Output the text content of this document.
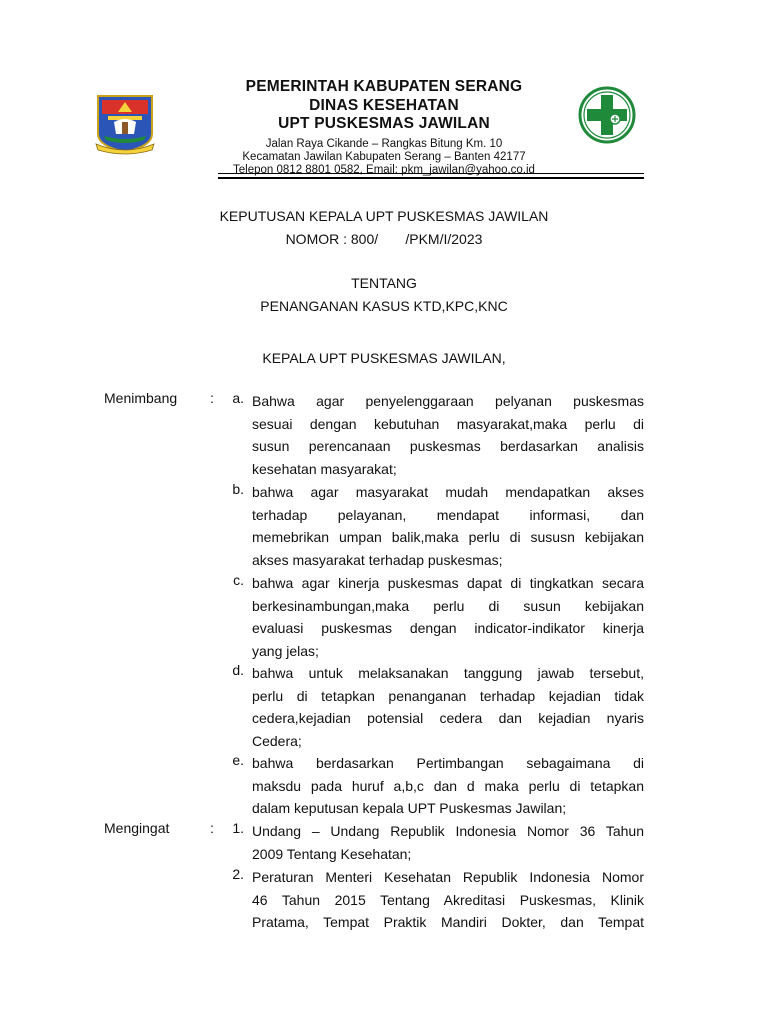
PEMERINTAH KABUPATEN SERANG
DINAS KESEHATAN
UPT PUSKESMAS JAWILAN
Jalan Raya Cikande – Rangkas Bitung Km. 10
Kecamatan Jawilan Kabupaten Serang – Banten 42177
Telepon 0812 8801 0582, Email: pkm_jawilan@yahoo.co.id
KEPUTUSAN KEPALA UPT PUSKESMAS JAWILAN
NOMOR : 800/       /PKM/I/2023
TENTANG
PENANGANAN KASUS KTD,KPC,KNC
KEPALA UPT PUSKESMAS JAWILAN,
Menimbang :	a. Bahwa agar penyelenggaraan pelyanan puskesmas
sesuai dengan kebutuhan masyarakat,maka perlu di
susun perencanaan puskesmas berdasarkan analisis
kesehatan masyarakat;
b. bahwa agar masyarakat mudah mendapatkan akses
terhadap pelayanan, mendapat informasi, dan
memebrikan umpan balik,maka perlu di sususn kebijakan
akses masyarakat terhadap puskesmas;
c. bahwa agar kinerja puskesmas dapat di tingkatkan secara
berkesinambungan,maka perlu di susun kebijakan
evaluasi puskesmas dengan indicator-indikator kinerja
yang jelas;
d. bahwa untuk melaksanakan tanggung jawab tersebut,
perlu di tetapkan penanganan terhadap kejadian tidak
cedera,kejadian potensial cedera dan kejadian nyaris
Cedera;
e. bahwa berdasarkan Pertimbangan sebagaimana di
maksdu pada huruf a,b,c dan d maka perlu di tetapkan
dalam keputusan kepala UPT Puskesmas Jawilan;
Mengingat	:	1. Undang – Undang Republik Indonesia Nomor 36 Tahun
2009 Tentang Kesehatan;
2. Peraturan Menteri Kesehatan Republik Indonesia Nomor
46 Tahun 2015 Tentang Akreditasi Puskesmas, Klinik
Pratama, Tempat Praktik Mandiri Dokter, dan Tempat
